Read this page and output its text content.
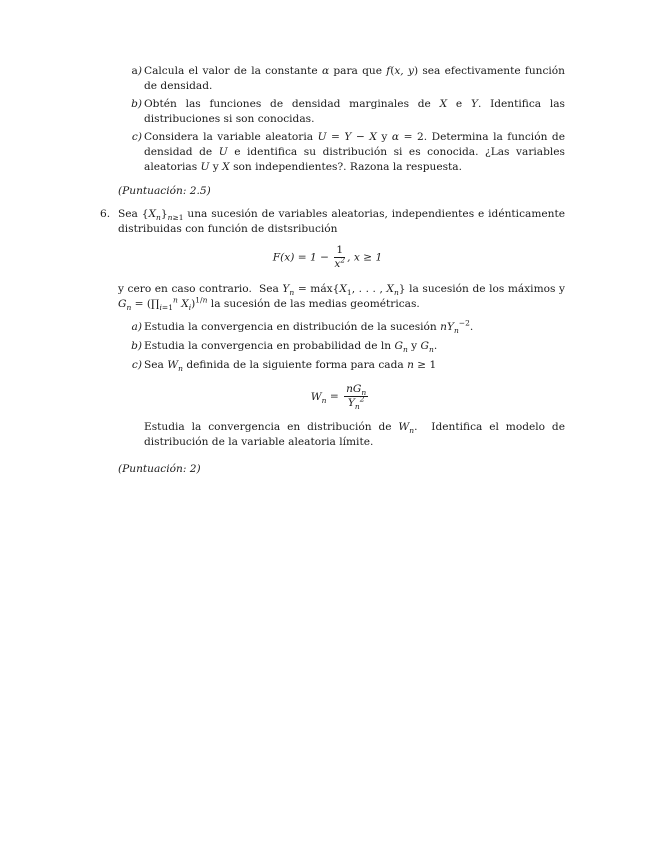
a) Calcula el valor de la constante α para que f(x, y) sea efectivamente función de densidad.
b) Obtén las funciones de densidad marginales de X e Y. Identifica las distribuciones si son conocidas.
c) Considera la variable aleatoria U = Y − X y α = 2. Determina la función de densidad de U e identifica su distribución si es conocida. ¿Las variables aleatorias U y X son independientes?. Razona la respuesta.
(Puntuación: 2.5)
6. Sea $\{X_n\}_{n\ge 1}$ una sucesión de variables aleatorias, independientes e idénticamente distribuidas con función de distsribución
$F(x) = 1 - \frac{1}{x^2}$ , x ≥ 1
y cero en caso contrario.  Sea $Y_n$ = $máx\{X_1$, . . . , $X_n$} la sucesión de los máximos y $G_n$ = ($\prod_{i=1}^n$ $X_i)^{1/n}$ la sucesión de las medias geométricas.
a) Estudia la convergencia en distribución de la sucesión $nY_n^{-2}$.
b) Estudia la convergencia en probabilidad de $\ln G_n$ y $G_n$.
c) Sea $W_n$ definida de la siguiente forma para cada n ≥ 1
$W_n = \frac{nG_n}{Y_n^2}$
Estudia la convergencia en distribución de $W_n$.  Identifica el modelo de distribución de la variable aleatoria límite.
(Puntuación: 2)
